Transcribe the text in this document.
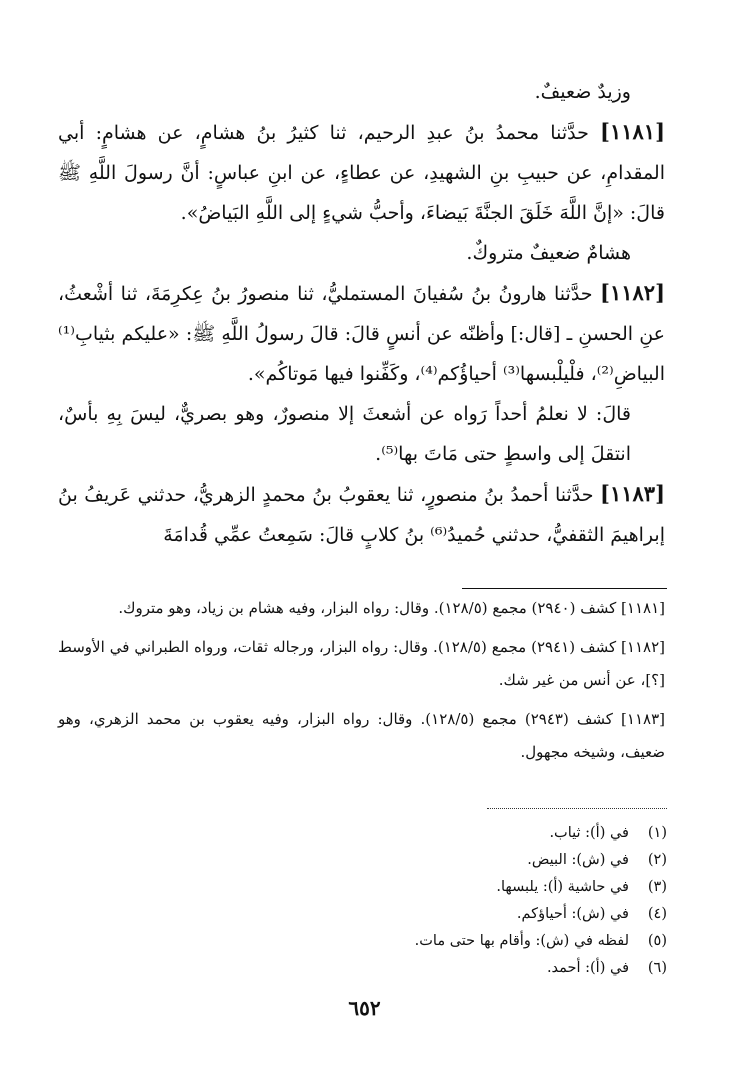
وزيدٌ ضعيفٌ.

[١١٨١] حدَّثنا محمدُ بنُ عبدِ الرحيم، ثنا كثيرُ بنُ هشامٍ، عن هشامٍ: أبي المقدامِ، عن حبيبِ بنِ الشهيدِ، عن عطاءٍ، عن ابنِ عباسٍ: أنَّ رسولَ اللَّهِ ﷺ قالَ: «إنَّ اللَّهَ خَلَقَ الجنَّةَ بَيضاءَ، وأحبُّ شيءٍ إلى اللَّهِ البَياضُ».

هشامٌ ضعيفٌ متروكٌ.

[١١٨٢] حدَّثنا هارونُ بنُ سُفيانَ المستمليُّ، ثنا منصورُ بنُ عِكرِمَةَ، ثنا أشْعثُ، عنِ الحسنِ ـ [قال:] وأظنّه عن أنسٍ قالَ: قالَ رسولُ اللَّهِ ﷺ: «عليكم بثيابِ⁽¹⁾ البياضِ⁽²⁾، فلْيلْبسها⁽³⁾ أحياؤُكم⁽⁴⁾، وكَفِّنوا فيها مَوتاكُم».

قالَ: لا نعلمُ أحداً رَواه عن أشعثَ إلا منصورٌ، وهو بصريٌّ، ليسَ بِهِ بأسٌ، انتقلَ إلى واسطٍ حتى مَاتَ بها⁽⁵⁾.

[١١٨٣] حدَّثنا أحمدُ بنُ منصورٍ، ثنا يعقوبُ بنُ محمدٍ الزهريُّ، حدثني عَريفُ بنُ إبراهيمَ الثقفيُّ، حدثني حُميدُ⁽⁶⁾ بنُ كلابٍ قالَ: سَمِعتُ عمِّي قُدامَةَ

[١١٨١] كشف (٢٩٤٠) مجمع (١٢٨/٥). وقال: رواه البزار، وفيه هشام بن زياد، وهو متروك.

[١١٨٢] كشف (٢٩٤١) مجمع (١٢٨/٥). وقال: رواه البزار، ورجاله ثقات، ورواه الطبراني في الأوسط [؟]، عن أنس من غير شك.

[١١٨٣] كشف (٢٩٤٣) مجمع (١٢٨/٥). وقال: رواه البزار، وفيه يعقوب بن محمد الزهري، وهو ضعيف، وشيخه مجهول.

(١)
في (أ): ثياب.
(٢)
في (ش): البيض.
(٣)
في حاشية (أ): يلبسها.
(٤)
في (ش): أحياؤكم.
(٥)
لفظه في (ش): وأقام بها حتى مات.
(٦)
في (أ): أحمد.
٦٥٢
